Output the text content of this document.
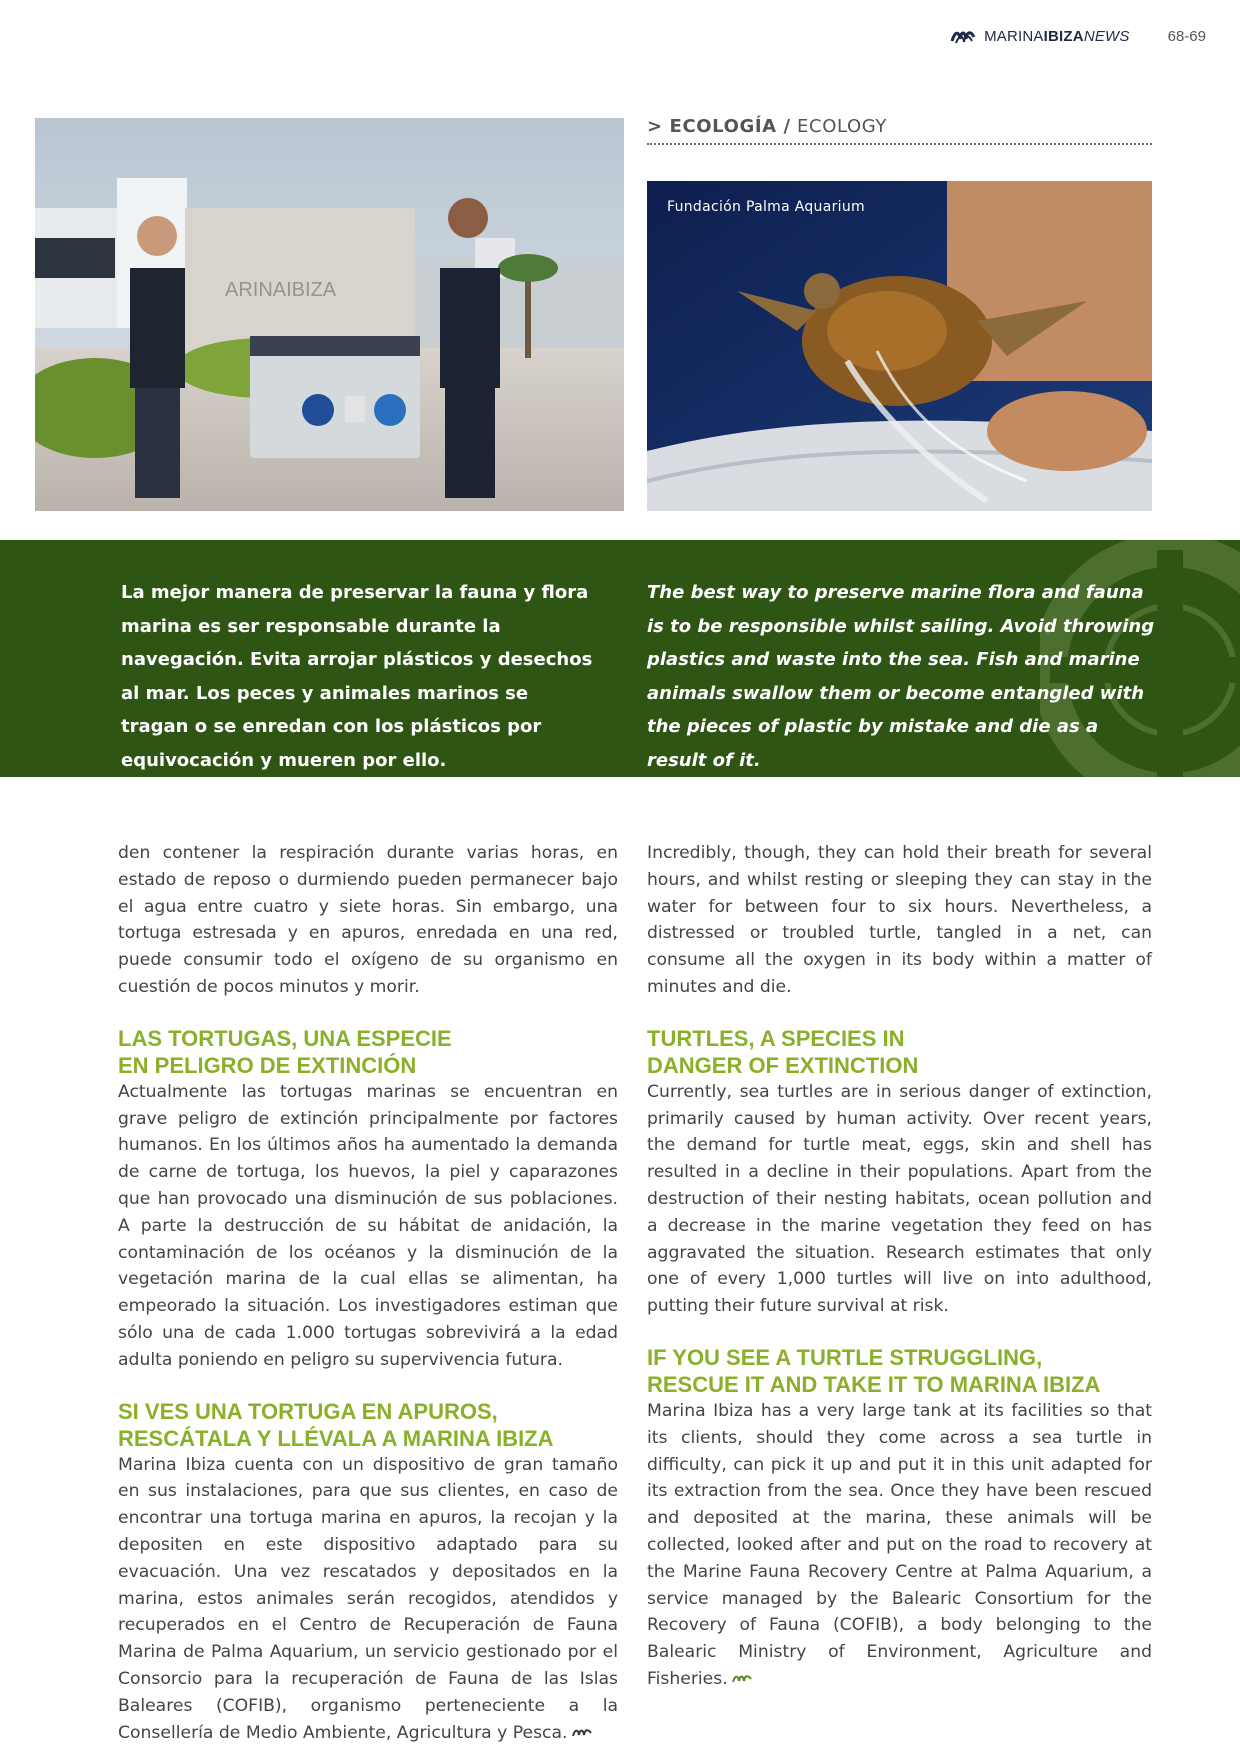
MARINAIBIZANEWS	68-69
ARINAIBIZA
> ECOLOGÍA / ECOLOGY
Fundación Palma Aquarium
La mejor manera de preservar la fauna y flora marina es ser responsable durante la navegación. Evita arrojar plásticos y desechos al mar. Los peces y animales marinos se tragan o se enredan con los plásticos por equivocación y mueren por ello.
The best way to preserve marine flora and fauna is to be responsible whilst sailing. Avoid throwing plastics and waste into the sea. Fish and marine animals swallow them or become entangled with the pieces of plastic by mistake and die as a result of it.

den contener la respiración durante varias horas, en estado de reposo o durmiendo pueden permanecer bajo el agua entre cuatro y siete horas. Sin embargo, una tortuga estresada y en apuros, enredada en una red, puede consumir todo el oxígeno de su organismo en cuestión de pocos minutos y morir.

LAS TORTUGAS, UNA ESPECIE
EN PELIGRO DE EXTINCIÓN

Actualmente las tortugas marinas se encuentran en grave peligro de extinción principalmente por factores humanos. En los últimos años ha aumentado la demanda de carne de tortuga, los huevos, la piel y caparazones que han provocado una disminución de sus poblaciones. A parte la destrucción de su hábitat de anidación, la contaminación de los océanos y la disminución de la vegetación marina de la cual ellas se alimentan, ha empeorado la situación. Los investigadores estiman que sólo una de cada 1.000 tortugas sobrevivirá a la edad adulta poniendo en peligro su supervivencia futura.

SI VES UNA TORTUGA EN APUROS,
RESCÁTALA Y LLÉVALA A MARINA IBIZA

Marina Ibiza cuenta con un dispositivo de gran tamaño en sus instalaciones, para que sus clientes, en caso de encontrar una tortuga marina en apuros, la recojan y la depositen en este dispositivo adaptado para su evacuación. Una vez rescatados y depositados en la marina, estos animales serán recogidos, atendidos y recuperados en el Centro de Recuperación de Fauna Marina de Palma Aquarium, un servicio gestionado por el Consorcio para la recuperación de Fauna de las Islas Baleares (COFIB), organismo perteneciente a la Consellería de Medio Ambiente, Agricultura y Pesca.

Incredibly, though, they can hold their breath for several hours, and whilst resting or sleeping they can stay in the water for between four to six hours. Nevertheless, a distressed or troubled turtle, tangled in a net, can consume all the oxygen in its body within a matter of minutes and die.

TURTLES, A SPECIES IN
DANGER OF EXTINCTION

Currently, sea turtles are in serious danger of extinction, primarily caused by human activity. Over recent years, the demand for turtle meat, eggs, skin and shell has resulted in a decline in their populations. Apart from the destruction of their nesting habitats, ocean pollution and a decrease in the marine vegetation they feed on has aggravated the situation. Research estimates that only one of every 1,000 turtles will live on into adulthood, putting their future survival at risk.

IF YOU SEE A TURTLE STRUGGLING,
RESCUE IT AND TAKE IT TO MARINA IBIZA

Marina Ibiza has a very large tank at its facilities so that its clients, should they come across a sea turtle in difficulty, can pick it up and put it in this unit adapted for its extraction from the sea. Once they have been rescued and deposited at the marina, these animals will be collected, looked after and put on the road to recovery at the Marine Fauna Recovery Centre at Palma Aquarium, a service managed by the Balearic Consortium for the Recovery of Fauna (COFIB), a body belonging to the Balearic Ministry of Environment, Agriculture and Fisheries.
